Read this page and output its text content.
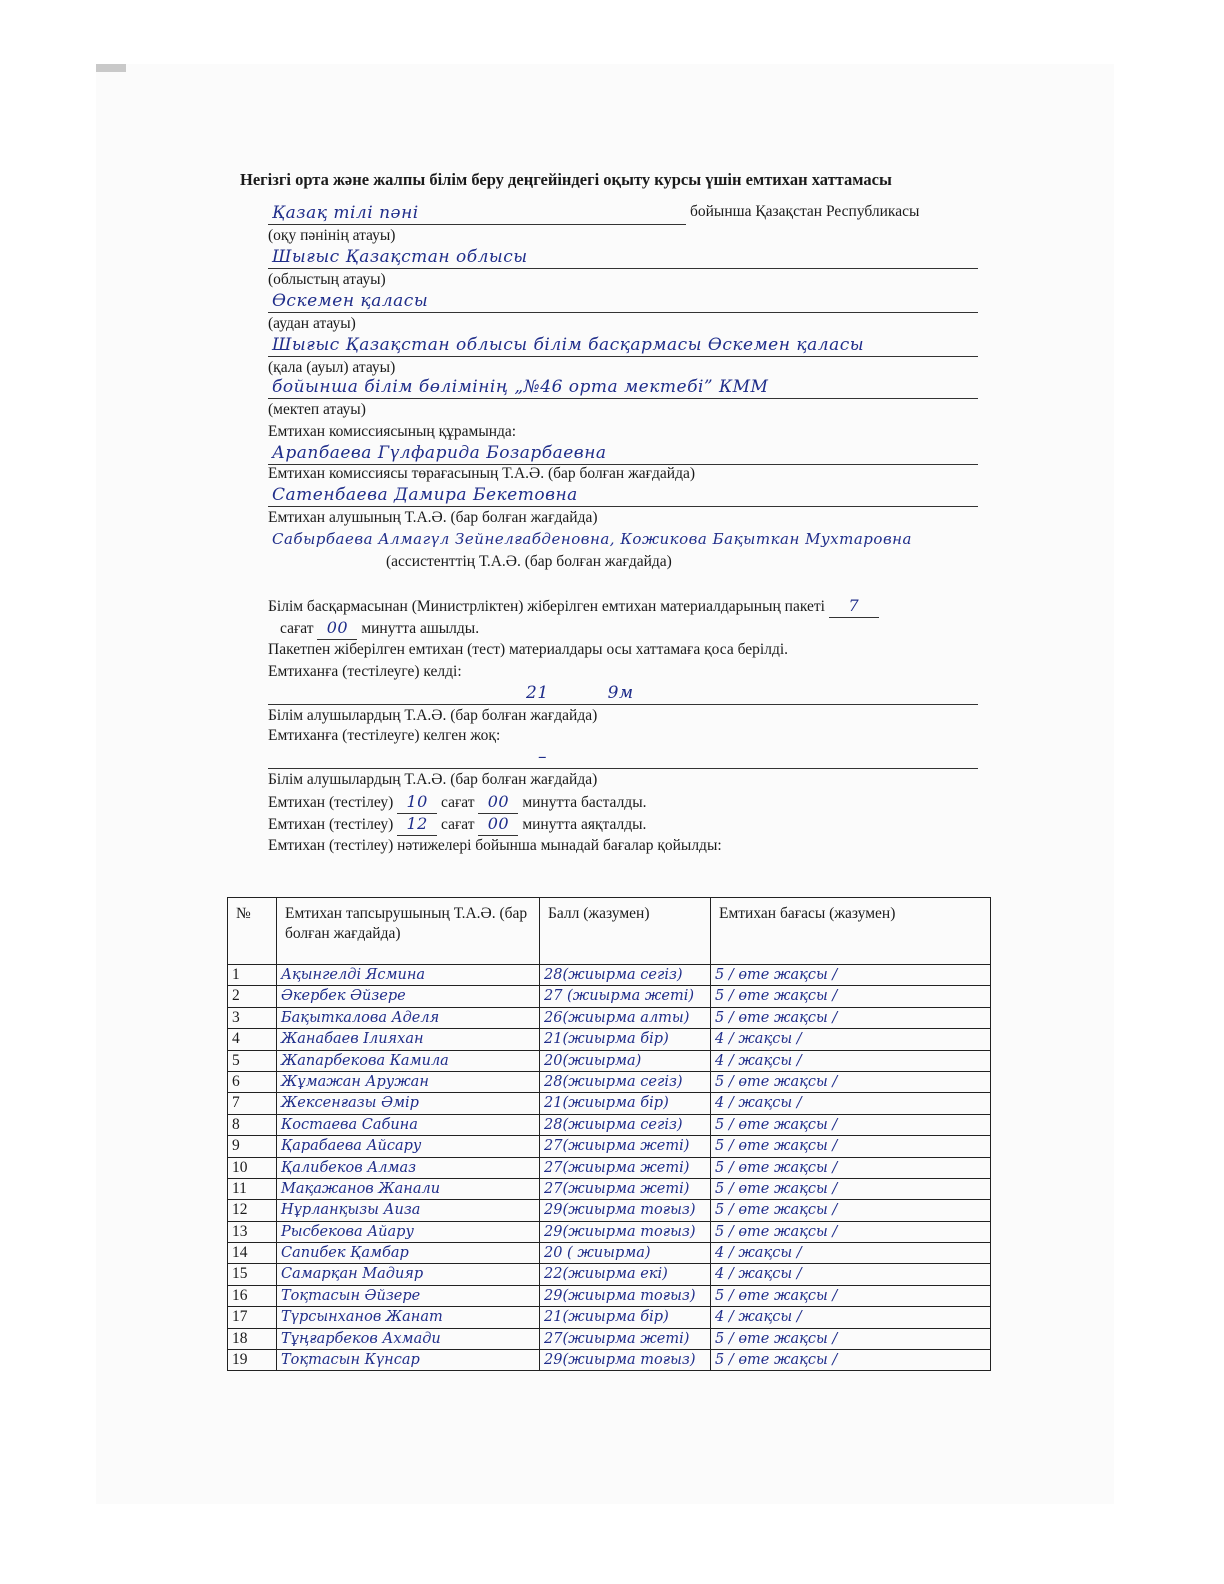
Негізгі орта және жалпы білім беру деңгейіндегі оқыту курсы үшін емтихан хаттамасы
Қазақ тілі пәні	бойынша Қазақстан Республикасы
(оқу пәнінің атауы)
Шығыс Қазақстан облысы
(облыстың атауы)
Өскемен қаласы
(аудан атауы)
Шығыс Қазақстан облысы білім басқармасы Өскемен қаласы
(қала (ауыл) атауы)
бойынша білім бөлімінің „№46 орта мектебі” КММ
(мектеп атауы)
Емтихан комиссиясының құрамында:
Арапбаева Гүлфарида Бозарбаевна
Емтихан комиссиясы төрағасының Т.А.Ә. (бар болған жағдайда)
Сатенбаева Дамира Бекетовна
Емтихан алушының Т.А.Ә. (бар болған жағдайда)
Сабырбаева Алмагүл Зейнелғабденовна, Кожикова Бақыткан Мухтаровна
(ассистенттің Т.А.Ә. (бар болған жағдайда)
Білім басқармасынан (Министрліктен) жіберілген емтихан материалдарының пакеті 7
сағат 00 минутта ашылды.
Пакетпен жіберілген емтихан (тест) материалдары осы хаттамаға қоса берілді.
Емтиханға (тестілеуге) келді:
21          9м
Білім алушылардың Т.А.Ә. (бар болған жағдайда)
Емтиханға (тестілеуге) келген жоқ:
–
Білім алушылардың Т.А.Ә. (бар болған жағдайда)
Емтихан (тестілеу) 10 сағат 00 минутта басталды.
Емтихан (тестілеу) 12 сағат 00 минутта аяқталды.
Емтихан (тестілеу) нәтижелері бойынша мынадай бағалар қойылды:
№	Емтихан тапсырушының Т.А.Ә. (бар болған жағдайда)	Балл (жазумен)	Емтихан бағасы (жазумен)
1	Ақынгелді Ясмина	28(жиырма сегіз)	5 / өте жақсы /
2	Әкербек Әйзере	27 (жиырма жеті)	5 / өте жақсы /
3	Бақыткалова Аделя	26(жиырма алты)	5 / өте жақсы /
4	Жанабаев Ілияхан	21(жиырма бір)	4 / жақсы /
5	Жапарбекова Камила	20(жиырма)	4 / жақсы /
6	Жұмажан Аружан	28(жиырма сегіз)	5 / өте жақсы /
7	Жексенғазы Әмір	21(жиырма бір)	4 / жақсы /
8	Костаева Сабина	28(жиырма сегіз)	5 / өте жақсы /
9	Қарабаева Айсару	27(жиырма жеті)	5 / өте жақсы /
10	Қалибеков Алмаз	27(жиырма жеті)	5 / өте жақсы /
11	Мақажанов Жанали	27(жиырма жеті)	5 / өте жақсы /
12	Нұрланқызы Аиза	29(жиырма тоғыз)	5 / өте жақсы /
13	Рысбекова Айару	29(жиырма тоғыз)	5 / өте жақсы /
14	Сапибек Қамбар	20 ( жиырма)	4 / жақсы /
15	Самарқан Мадияр	22(жиырма екі)	4 / жақсы /
16	Тоқтасын Әйзере	29(жиырма тоғыз)	5 / өте жақсы /
17	Түрсынханов Жанат	21(жиырма бір)	4 / жақсы /
18	Тұңғарбеков Ахмади	27(жиырма жеті)	5 / өте жақсы /
19	Тоқтасын Күнсар	29(жиырма тоғыз)	5 / өте жақсы /
